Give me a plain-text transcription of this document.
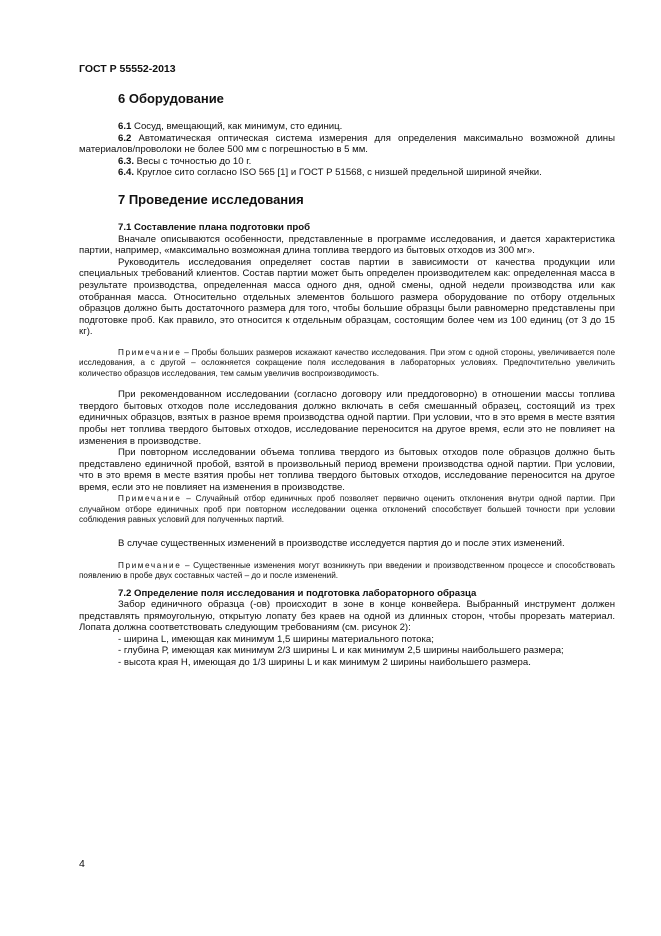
ГОСТ Р 55552-2013
6 Оборудование

6.1 Сосуд, вмещающий, как минимум, сто единиц.

6.2 Автоматическая оптическая система измерения для определения максимально возможной длины материалов/проволоки не более 500 мм с погрешностью в 5 мм.

6.3. Весы с точностью до 10 г.

6.4. Круглое сито согласно ISO 565 [1] и ГОСТ Р 51568, с низшей предельной шириной ячейки.

7 Проведение исследования
7.1 Составление плана подготовки проб

Вначале описываются особенности, представленные в программе исследования, и дается характеристика партии, например, «максимально возможная длина топлива твердого из бытовых отходов из 300 мг».

Руководитель исследования определяет состав партии в зависимости от качества продукции или специальных требований клиентов. Состав партии может быть определен производителем как: определенная масса в результате производства, определенная масса одного дня, одной смены, одной недели производства или как отобранная масса. Относительно отдельных элементов большого размера оборудование по отбору отдельных образцов должно быть достаточного размера для того, чтобы большие образцы были равномерно представлены при подготовке проб. Как правило, это относится к отдельным образцам, состоящим более чем из 100 единиц (от 3 до 15 кг).

Примечание – Пробы больших размеров искажают качество исследования. При этом с одной стороны, увеличивается поле исследования, а с другой – осложняется сокращение поля исследования в лабораторных условиях. Предпочтительно увеличить количество образцов исследования, тем самым увеличив воспроизводимость.

При рекомендованном исследовании (согласно договору или преддоговорно) в отношении массы топлива твердого бытовых отходов поле исследования должно включать в себя смешанный образец, состоящий из трех единичных образцов, взятых в разное время производства одной партии. При условии, что в это время в месте взятия пробы нет топлива твердого бытовых отходов, исследование переносится на другое время, если это не повлияет на изменения в производстве.

При повторном исследовании объема топлива твердого из бытовых отходов поле образцов должно быть представлено единичной пробой, взятой в произвольный период времени производства одной партии. При условии, что в это время в месте взятия пробы нет топлива твердого бытовых отходов, исследование переносится на другое время, если это не повлияет на изменения в производстве.

Примечание – Случайный отбор единичных проб позволяет первично оценить отклонения внутри одной партии. При случайном отборе единичных проб при повторном исследовании оценка отклонений способствует большей точности при условии соблюдения равных условий для полученных партий.

В случае существенных изменений в производстве исследуется партия до и после этих изменений.

Примечание – Существенные изменения могут возникнуть при введении и производственном процессе и способствовать появлению в пробе двух составных частей – до и после изменений.

7.2 Определение поля исследования и подготовка лабораторного образца

Забор единичного образца (-ов) происходит в зоне в конце конвейера. Выбранный инструмент должен представлять прямоугольную, открытую лопату без краев на одной из длинных сторон, чтобы прорезать материал. Лопата должна соответствовать следующим требованиям (см. рисунок 2):

- ширина L, имеющая как минимум 1,5 ширины материального потока;

- глубина Р, имеющая как минимум 2/3 ширины L и как минимум 2,5 ширины наибольшего размера;

- высота края Н, имеющая до 1/3 ширины L и как минимум 2 ширины наибольшего размера.

4
